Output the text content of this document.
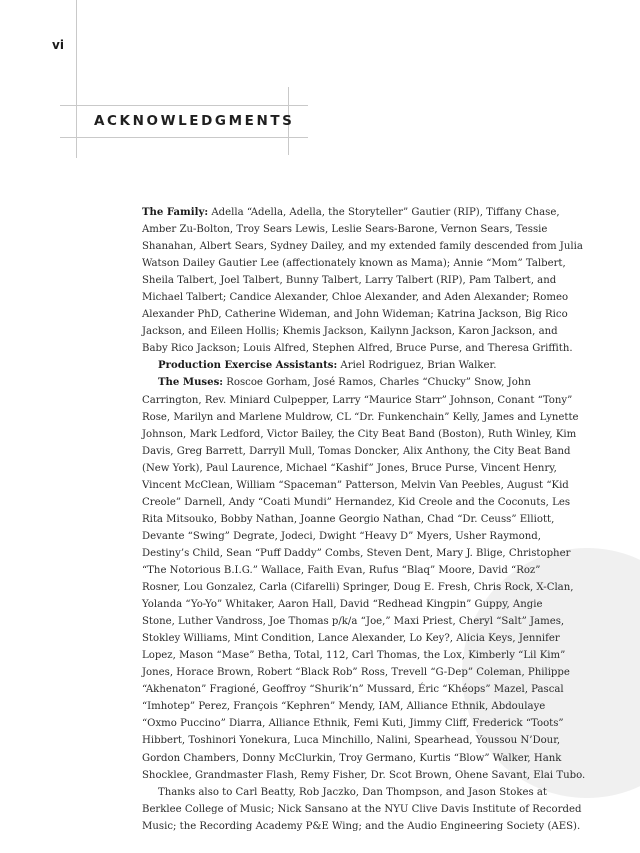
vi
ACKNOWLEDGMENTS
The Family: Adella “Adella, Adella, the Storyteller” Gautier (RIP), Tiffany Chase,
Amber Zu-Bolton, Troy Sears Lewis, Leslie Sears-Barone, Vernon Sears, Tessie
Shanahan, Albert Sears, Sydney Dailey, and my extended family descended from Julia
Watson Dailey Gautier Lee (affectionately known as Mama); Annie “Mom” Talbert,
Sheila Talbert, Joel Talbert, Bunny Talbert, Larry Talbert (RIP), Pam Talbert, and
Michael Talbert; Candice Alexander, Chloe Alexander, and Aden Alexander; Romeo
Alexander PhD, Catherine Wideman, and John Wideman; Katrina Jackson, Big Rico
Jackson, and Eileen Hollis; Khemis Jackson, Kailynn Jackson, Karon Jackson, and
Baby Rico Jackson; Louis Alfred, Stephen Alfred, Bruce Purse, and Theresa Griffith.
Production Exercise Assistants: Ariel Rodriguez, Brian Walker.
The Muses: Roscoe Gorham, José Ramos, Charles “Chucky” Snow, John
Carrington, Rev. Miniard Culpepper, Larry “Maurice Starr” Johnson, Conant “Tony”
Rose, Marilyn and Marlene Muldrow, CL “Dr. Funkenchain” Kelly, James and Lynette
Johnson, Mark Ledford, Victor Bailey, the City Beat Band (Boston), Ruth Winley, Kim
Davis, Greg Barrett, Darryll Mull, Tomas Doncker, Alix Anthony, the City Beat Band
(New York), Paul Laurence, Michael “Kashif” Jones, Bruce Purse, Vincent Henry,
Vincent McClean, William “Spaceman” Patterson, Melvin Van Peebles, August “Kid
Creole” Darnell, Andy “Coati Mundi” Hernandez, Kid Creole and the Coconuts, Les
Rita Mitsouko, Bobby Nathan, Joanne Georgio Nathan, Chad “Dr. Ceuss” Elliott,
Devante “Swing” Degrate, Jodeci, Dwight “Heavy D” Myers, Usher Raymond,
Destiny’s Child, Sean “Puff Daddy” Combs, Steven Dent, Mary J. Blige, Christopher
“The Notorious B.I.G.” Wallace, Faith Evan, Rufus “Blaq” Moore, David “Roz”
Rosner, Lou Gonzalez, Carla (Cifarelli) Springer, Doug E. Fresh, Chris Rock, X-Clan,
Yolanda “Yo-Yo” Whitaker, Aaron Hall, David “Redhead Kingpin” Guppy, Angie
Stone, Luther Vandross, Joe Thomas p/k/a “Joe,” Maxi Priest, Cheryl “Salt” James,
Stokley Williams, Mint Condition, Lance Alexander, Lo Key?, Alicia Keys, Jennifer
Lopez, Mason “Mase” Betha, Total, 112, Carl Thomas, the Lox, Kimberly “Lil Kim”
Jones, Horace Brown, Robert “Black Rob” Ross, Trevell “G-Dep” Coleman, Philippe
“Akhenaton” Fragioné, Geoffroy “Shurik’n” Mussard, Éric “Khéops” Mazel, Pascal
“Imhotep” Perez, François “Kephren” Mendy, IAM, Alliance Ethnik, Abdoulaye
“Oxmo Puccino” Diarra, Alliance Ethnik, Femi Kuti, Jimmy Cliff, Frederick “Toots”
Hibbert, Toshinori Yonekura, Luca Minchillo, Nalini, Spearhead, Youssou N’Dour,
Gordon Chambers, Donny McClurkin, Troy Germano, Kurtis “Blow” Walker, Hank
Shocklee, Grandmaster Flash, Remy Fisher, Dr. Scot Brown, Ohene Savant, Elai Tubo.
Thanks also to Carl Beatty, Rob Jaczko, Dan Thompson, and Jason Stokes at
Berklee College of Music; Nick Sansano at the NYU Clive Davis Institute of Recorded
Music; the Recording Academy P&E Wing; and the Audio Engineering Society (AES).
